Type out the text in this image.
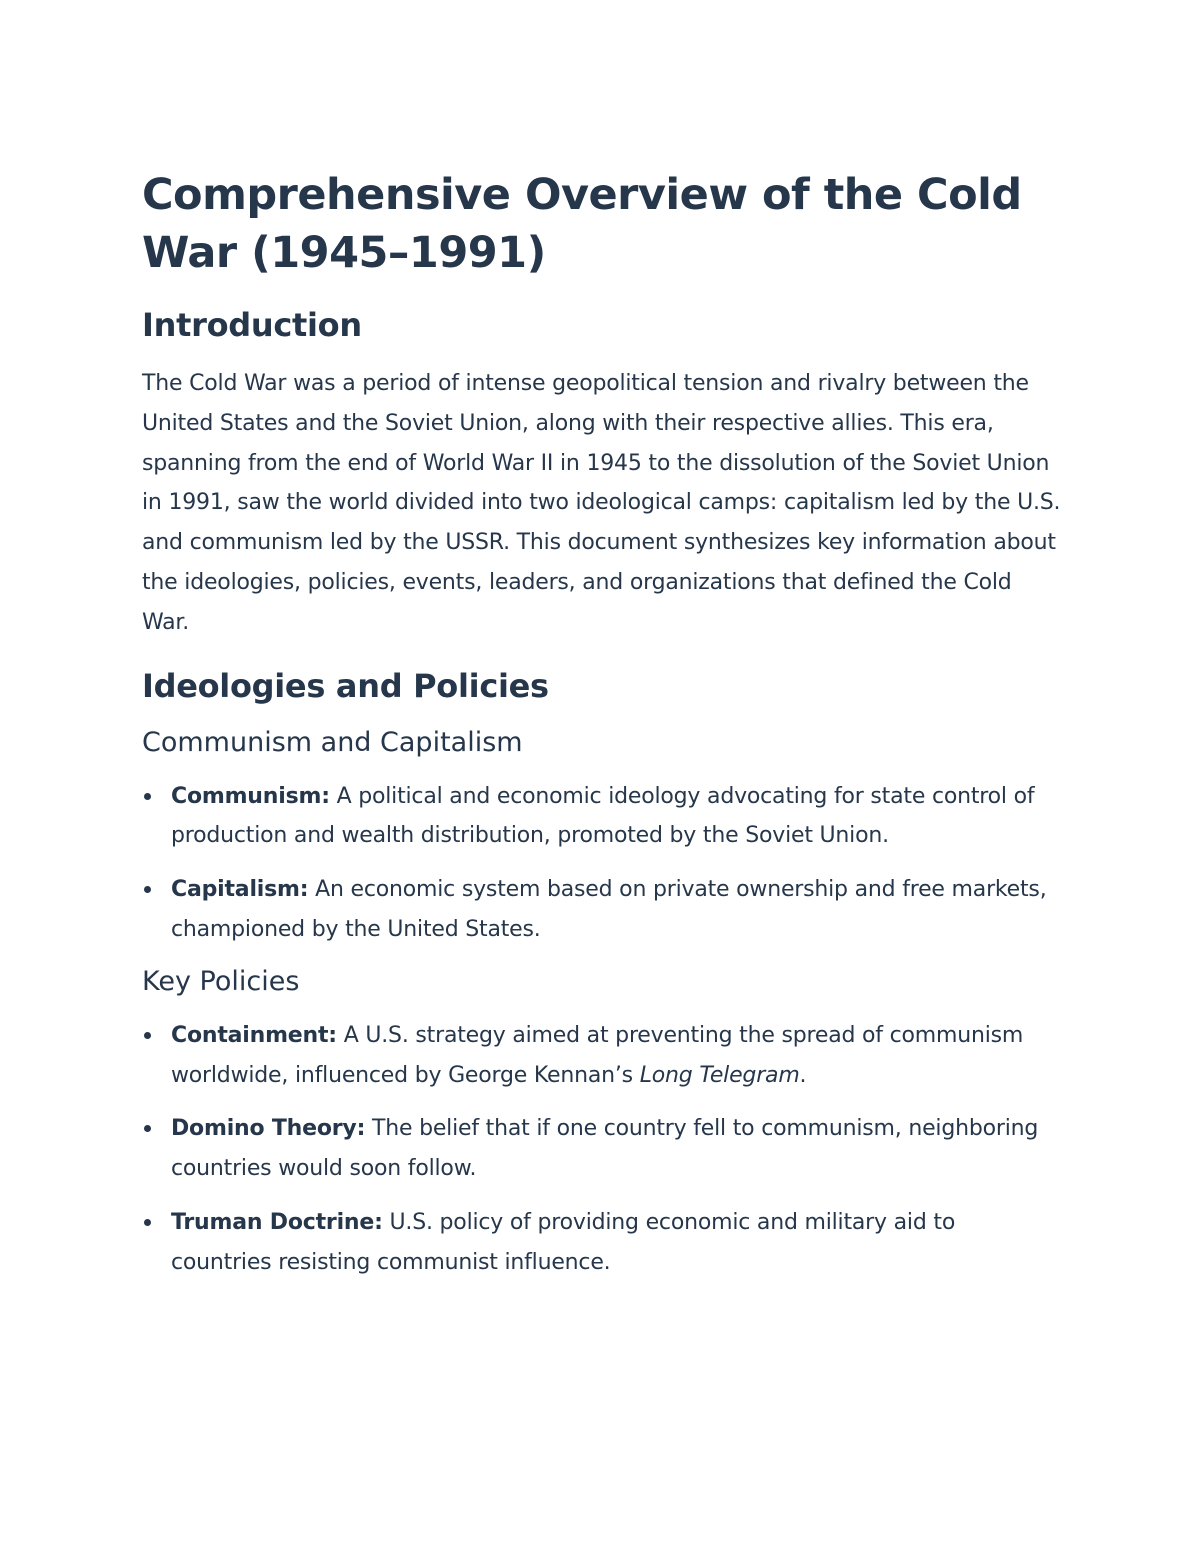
Comprehensive Overview of the Cold War (1945–1991)
Introduction

The Cold War was a period of intense geopolitical tension and rivalry between the United States and the Soviet Union, along with their respective allies. This era, spanning from the end of World War II in 1945 to the dissolution of the Soviet Union in 1991, saw the world divided into two ideological camps: capitalism led by the U.S. and communism led by the USSR. This document synthesizes key information about the ideologies, policies, events, leaders, and organizations that defined the Cold War.

Ideologies and Policies
Communism and Capitalism
Communism: A political and economic ideology advocating for state control of production and wealth distribution, promoted by the Soviet Union.
Capitalism: An economic system based on private ownership and free markets, championed by the United States.
Key Policies
Containment: A U.S. strategy aimed at preventing the spread of communism worldwide, influenced by George Kennan’s Long Telegram.
Domino Theory: The belief that if one country fell to communism, neighboring countries would soon follow.
Truman Doctrine: U.S. policy of providing economic and military aid to countries resisting communist influence.
